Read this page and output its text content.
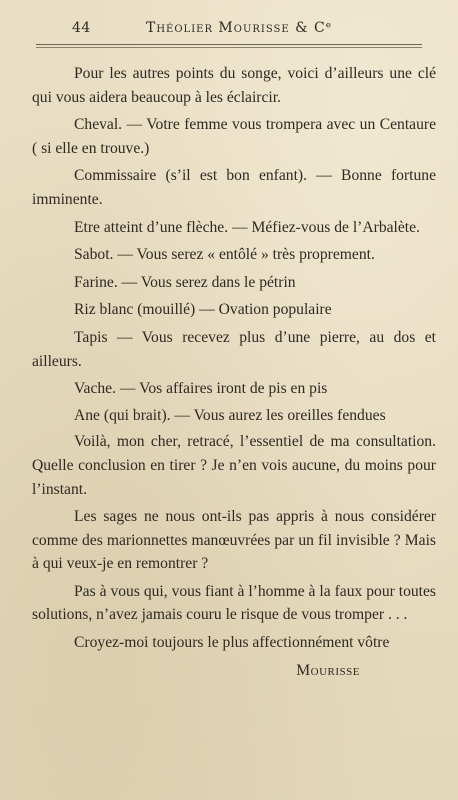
44	Théolier Mourisse & Cᵉ

Pour les autres points du songe, voici d’ailleurs une clé qui vous aidera beaucoup à les éclaircir.

Cheval. — Votre femme vous trompera avec un Centaure ( si elle en trouve.)

Commissaire (s’il est bon enfant). — Bonne fortune imminente.

Etre atteint d’une flèche. — Méfiez-vous de l’Arbalète.

Sabot. — Vous serez « entôlé » très proprement.

Farine. — Vous serez dans le pétrin

Riz blanc (mouillé) — Ovation populaire

Tapis — Vous recevez plus d’une pierre, au dos et ailleurs.

Vache. — Vos affaires iront de pis en pis

Ane (qui brait). — Vous aurez les oreilles fendues

Voilà, mon cher, retracé, l’essentiel de ma consultation. Quelle conclusion en tirer ? Je n’en vois aucune, du moins pour l’instant.

Les sages ne nous ont-ils pas appris à nous considérer comme des marionnettes manœuvrées par un fil invisible ? Mais à qui veux-je en remontrer ?

Pas à vous qui, vous fiant à l’homme à la faux pour toutes solutions, n’avez jamais couru le risque de vous tromper . . .

Croyez-moi toujours le plus affectionnément vôtre

Mourisse
